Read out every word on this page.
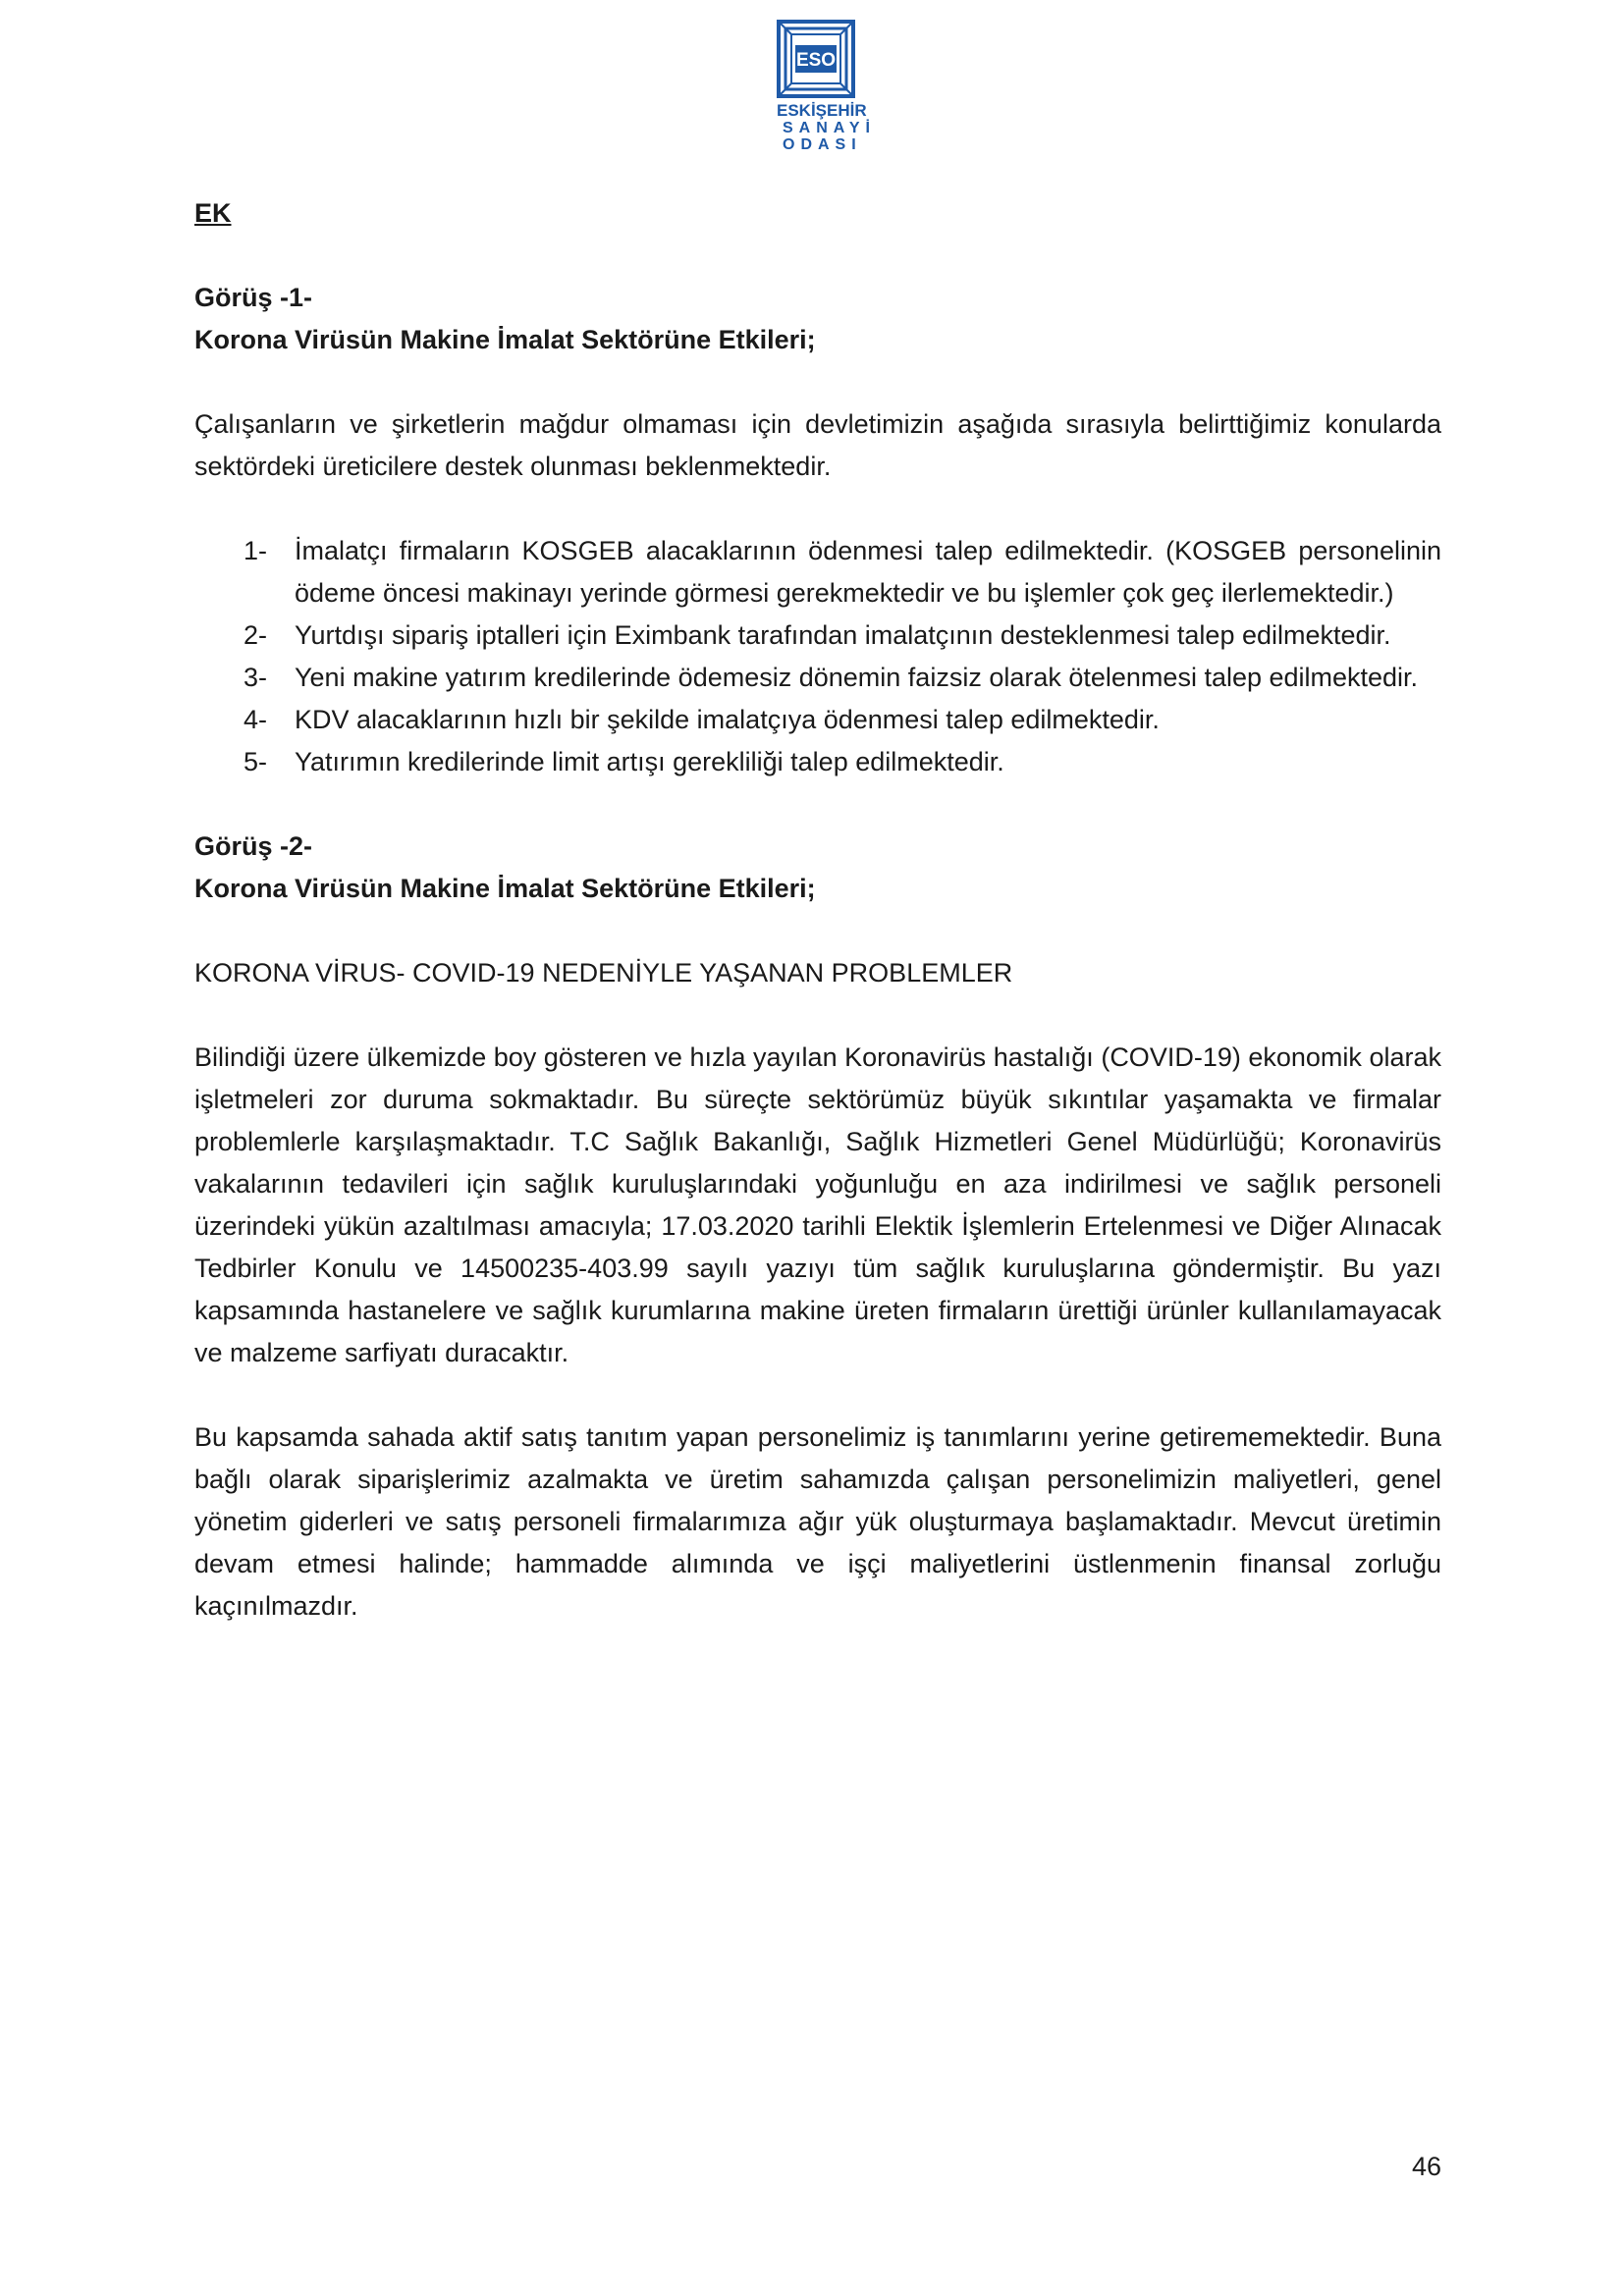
ESO
ESKİŞEHİR
SANAYİ
ODASI

EK

Görüş -1-

Korona Virüsün Makine İmalat Sektörüne Etkileri;

Çalışanların ve şirketlerin mağdur olmaması için devletimizin aşağıda sırasıyla belirttiğimiz konularda sektördeki üreticilere destek olunması beklenmektedir.

1- İmalatçı firmaların KOSGEB alacaklarının ödenmesi talep edilmektedir. (KOSGEB personelinin ödeme öncesi makinayı yerinde görmesi gerekmektedir ve bu işlemler çok geç ilerlemektedir.)
2- Yurtdışı sipariş iptalleri için Eximbank tarafından imalatçının desteklenmesi talep edilmektedir.
3- Yeni makine yatırım kredilerinde ödemesiz dönemin faizsiz olarak ötelenmesi talep edilmektedir.
4- KDV alacaklarının hızlı bir şekilde imalatçıya ödenmesi talep edilmektedir.
5- Yatırımın kredilerinde limit artışı gerekliliği talep edilmektedir.

Görüş -2-

Korona Virüsün Makine İmalat Sektörüne Etkileri;

KORONA VİRUS- COVID-19 NEDENİYLE YAŞANAN PROBLEMLER

Bilindiği üzere ülkemizde boy gösteren ve hızla yayılan Koronavirüs hastalığı (COVID-19) ekonomik olarak işletmeleri zor duruma sokmaktadır. Bu süreçte sektörümüz büyük sıkıntılar yaşamakta ve firmalar problemlerle karşılaşmaktadır. T.C Sağlık Bakanlığı, Sağlık Hizmetleri Genel Müdürlüğü; Koronavirüs vakalarının tedavileri için sağlık kuruluşlarındaki yoğunluğu en aza indirilmesi ve sağlık personeli üzerindeki yükün azaltılması amacıyla; 17.03.2020 tarihli Elektik İşlemlerin Ertelenmesi ve Diğer Alınacak Tedbirler Konulu ve 14500235-403.99 sayılı yazıyı tüm sağlık kuruluşlarına göndermiştir. Bu yazı kapsamında hastanelere ve sağlık kurumlarına makine üreten firmaların ürettiği ürünler kullanılamayacak ve malzeme sarfiyatı duracaktır.

Bu kapsamda sahada aktif satış tanıtım yapan personelimiz iş tanımlarını yerine getirememektedir. Buna bağlı olarak siparişlerimiz azalmakta ve üretim sahamızda çalışan personelimizin maliyetleri, genel yönetim giderleri ve satış personeli firmalarımıza ağır yük oluşturmaya başlamaktadır. Mevcut üretimin devam etmesi halinde; hammadde alımında ve işçi maliyetlerini üstlenmenin finansal zorluğu kaçınılmazdır.

46
